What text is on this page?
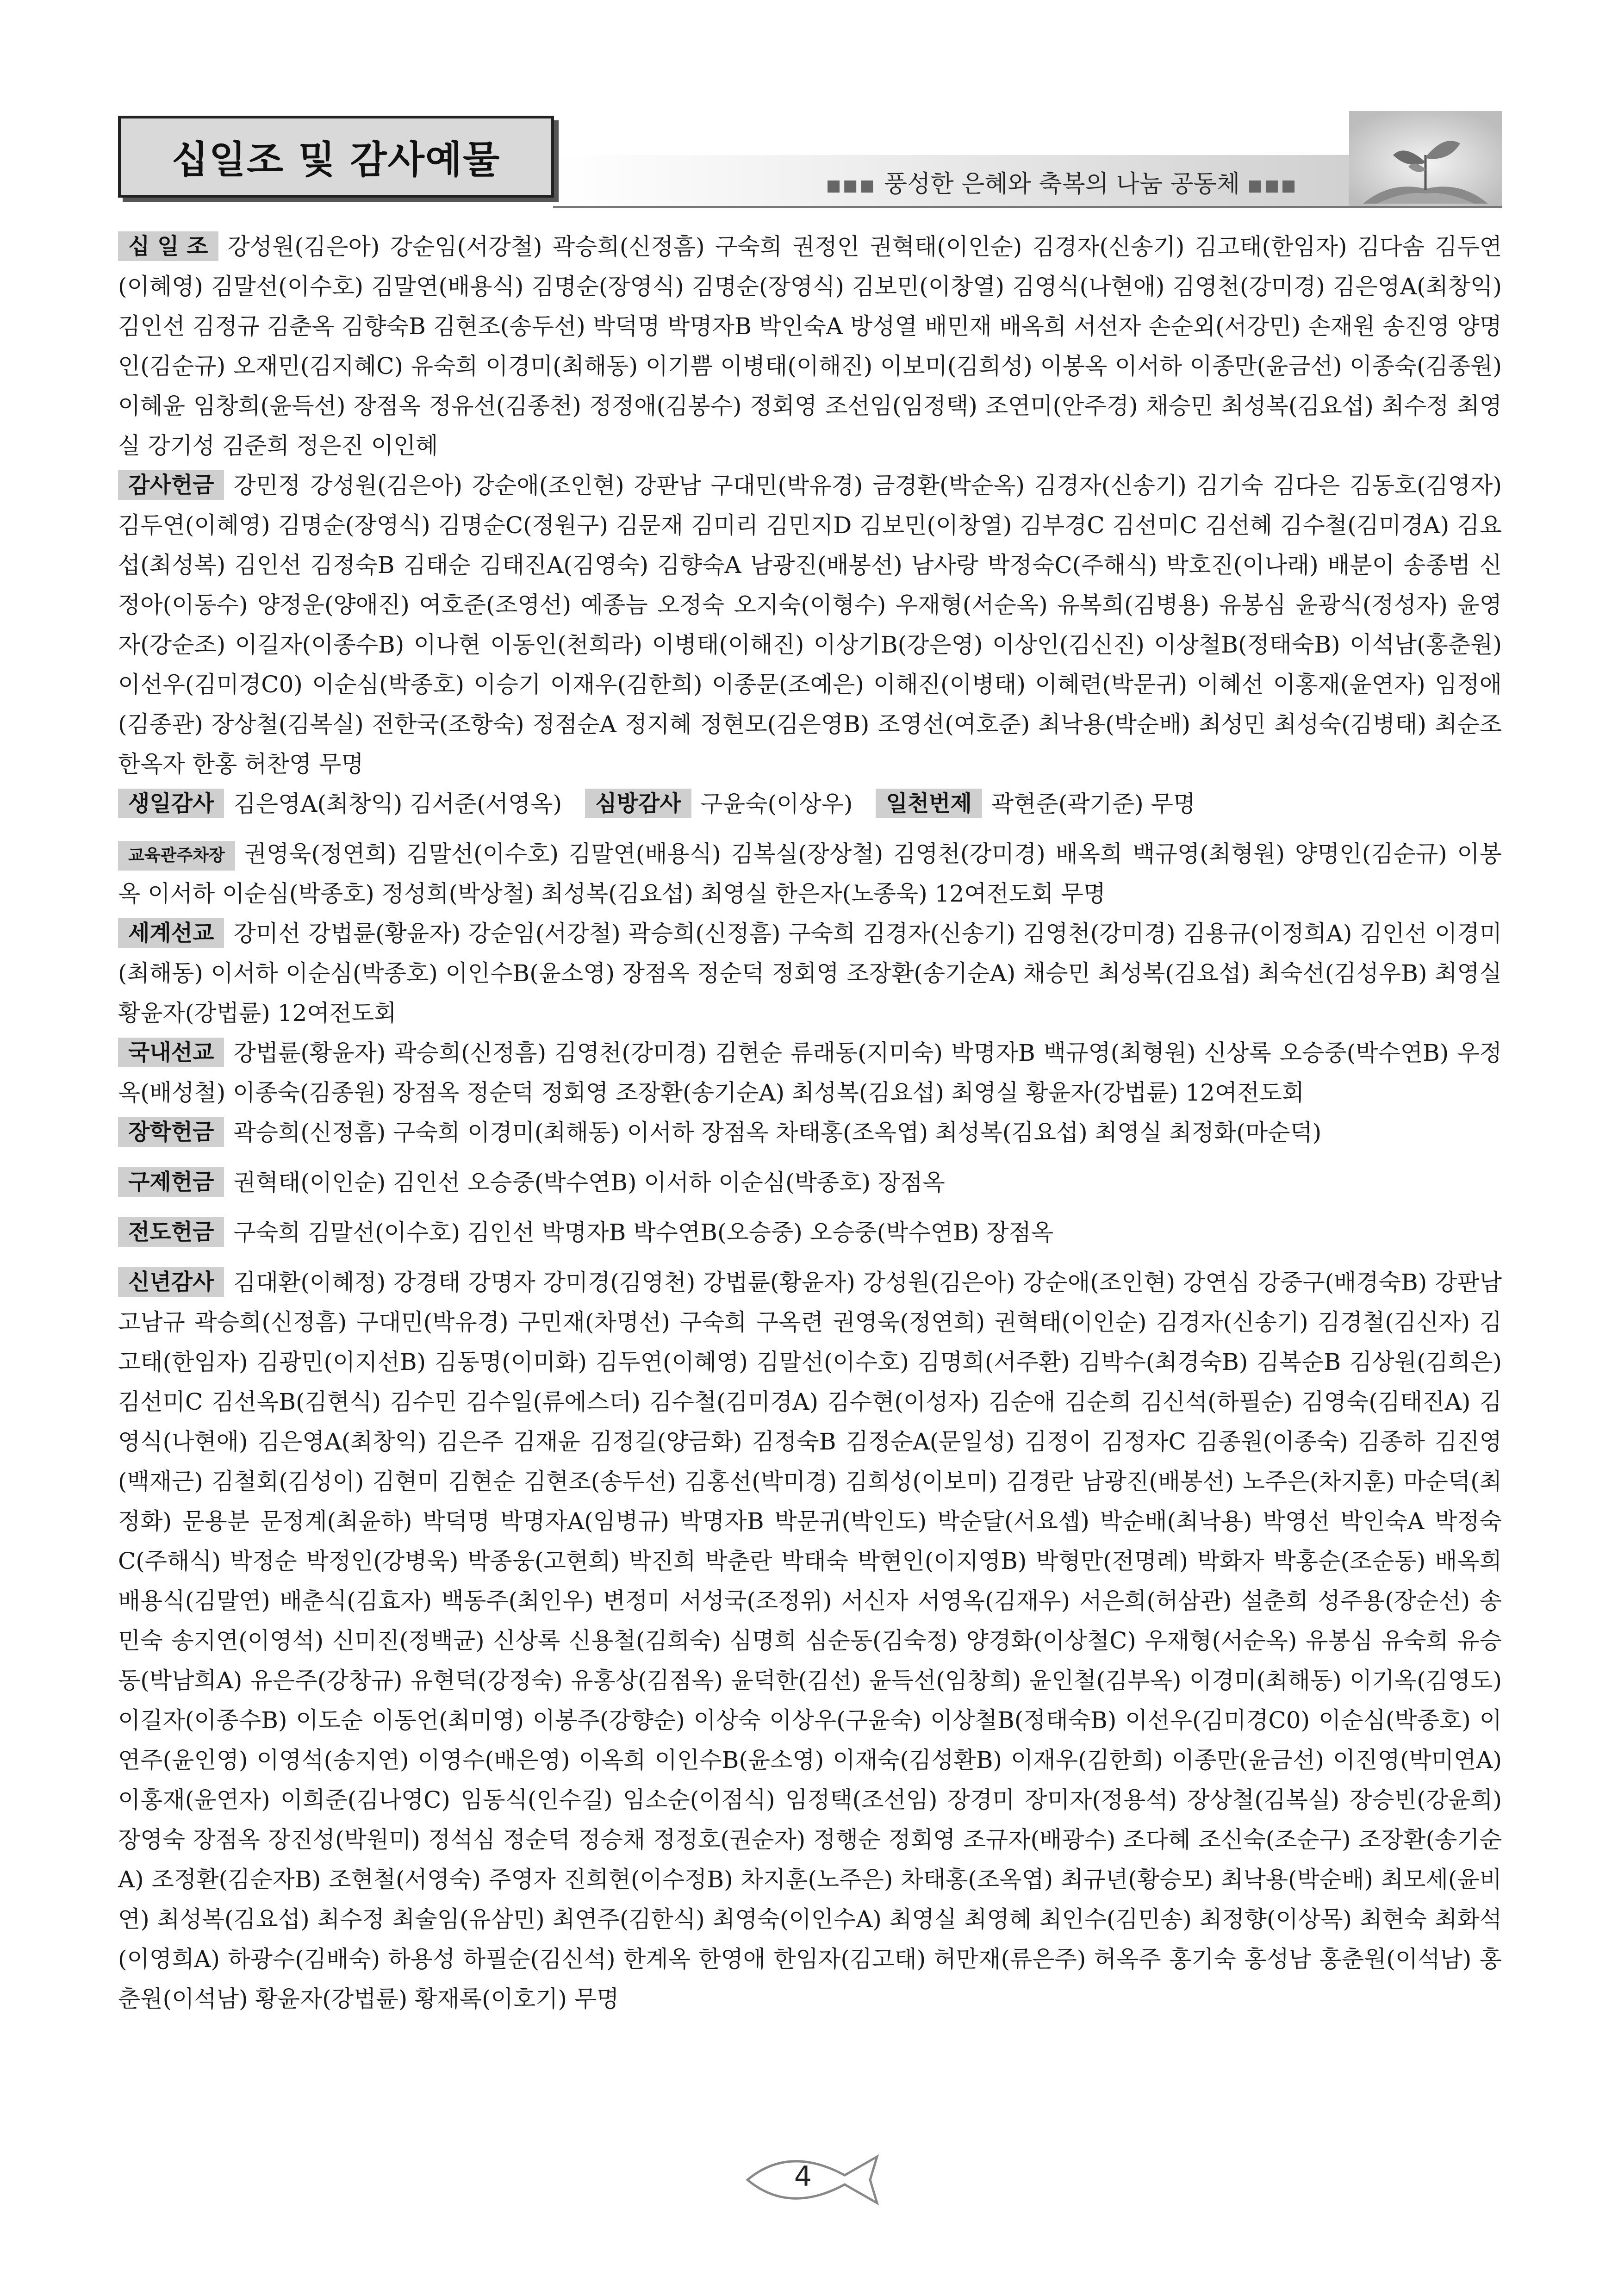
■■■ 풍성한 은혜와 축복의 나눔 공동체 ■■■
십일조 및 감사예물

십 일 조 강성원(김은아) 강순임(서강철) 곽승희(신정흠) 구숙희 권정인 권혁태(이인순) 김경자(신송기) 김고태(한임자) 김다솜 김두연(이혜영) 김말선(이수호) 김말연(배용식) 김명순(장영식) 김명순(장영식) 김보민(이창열) 김영식(나현애) 김영천(강미경) 김은영A(최창익) 김인선 김정규 김춘옥 김향숙B 김현조(송두선) 박덕명 박명자B 박인숙A 방성열 배민재 배옥희 서선자 손순외(서강민) 손재원 송진영 양명인(김순규) 오재민(김지혜C) 유숙희 이경미(최해동) 이기쁨 이병태(이해진) 이보미(김희성) 이봉옥 이서하 이종만(윤금선) 이종숙(김종원) 이혜윤 임창희(윤득선) 장점옥 정유선(김종천) 정정애(김봉수) 정회영 조선임(임정택) 조연미(안주경) 채승민 최성복(김요섭) 최수정 최영실 강기성 김준희 정은진 이인혜

감사헌금 강민정 강성원(김은아) 강순애(조인현) 강판남 구대민(박유경) 금경환(박순옥) 김경자(신송기) 김기숙 김다은 김동호(김영자) 김두연(이혜영) 김명순(장영식) 김명순C(정원구) 김문재 김미리 김민지D 김보민(이창열) 김부경C 김선미C 김선혜 김수철(김미경A) 김요섭(최성복) 김인선 김정숙B 김태순 김태진A(김영숙) 김향숙A 남광진(배봉선) 남사랑 박정숙C(주해식) 박호진(이나래) 배분이 송종범 신정아(이동수) 양정운(양애진) 여호준(조영선) 예종늠 오정숙 오지숙(이형수) 우재형(서순옥) 유복희(김병용) 유봉심 윤광식(정성자) 윤영자(강순조) 이길자(이종수B) 이나현 이동인(천희라) 이병태(이해진) 이상기B(강은영) 이상인(김신진) 이상철B(정태숙B) 이석남(홍춘원) 이선우(김미경C0) 이순심(박종호) 이승기 이재우(김한희) 이종문(조예은) 이해진(이병태) 이혜련(박문귀) 이혜선 이홍재(윤연자) 임정애(김종관) 장상철(김복실) 전한국(조항숙) 정점순A 정지혜 정현모(김은영B) 조영선(여호준) 최낙용(박순배) 최성민 최성숙(김병태) 최순조 한옥자 한홍 허찬영 무명

생일감사 김은영A(최창익) 김서준(서영옥) 심방감사 구윤숙(이상우) 일천번제 곽현준(곽기준) 무명

교육관주차장 권영욱(정연희) 김말선(이수호) 김말연(배용식) 김복실(장상철) 김영천(강미경) 배옥희 백규영(최형원) 양명인(김순규) 이봉옥 이서하 이순심(박종호) 정성희(박상철) 최성복(김요섭) 최영실 한은자(노종욱) 12여전도회 무명

세계선교 강미선 강법륜(황윤자) 강순임(서강철) 곽승희(신정흠) 구숙희 김경자(신송기) 김영천(강미경) 김용규(이정희A) 김인선 이경미(최해동) 이서하 이순심(박종호) 이인수B(윤소영) 장점옥 정순덕 정회영 조장환(송기순A) 채승민 최성복(김요섭) 최숙선(김성우B) 최영실 황윤자(강법륜) 12여전도회

국내선교 강법륜(황윤자) 곽승희(신정흠) 김영천(강미경) 김현순 류래동(지미숙) 박명자B 백규영(최형원) 신상록 오승중(박수연B) 우정옥(배성철) 이종숙(김종원) 장점옥 정순덕 정회영 조장환(송기순A) 최성복(김요섭) 최영실 황윤자(강법륜) 12여전도회

장학헌금 곽승희(신정흠) 구숙희 이경미(최해동) 이서하 장점옥 차태홍(조옥엽) 최성복(김요섭) 최영실 최정화(마순덕)

구제헌금 권혁태(이인순) 김인선 오승중(박수연B) 이서하 이순심(박종호) 장점옥

전도헌금 구숙희 김말선(이수호) 김인선 박명자B 박수연B(오승중) 오승중(박수연B) 장점옥

신년감사 김대환(이혜정) 강경태 강명자 강미경(김영천) 강법륜(황윤자) 강성원(김은아) 강순애(조인현) 강연심 강중구(배경숙B) 강판남 고남규 곽승희(신정흠) 구대민(박유경) 구민재(차명선) 구숙희 구옥련 권영욱(정연희) 권혁태(이인순) 김경자(신송기) 김경철(김신자) 김고태(한임자) 김광민(이지선B) 김동명(이미화) 김두연(이혜영) 김말선(이수호) 김명희(서주환) 김박수(최경숙B) 김복순B 김상원(김희은) 김선미C 김선옥B(김현식) 김수민 김수일(류에스더) 김수철(김미경A) 김수현(이성자) 김순애 김순희 김신석(하필순) 김영숙(김태진A) 김영식(나현애) 김은영A(최창익) 김은주 김재윤 김정길(양금화) 김정숙B 김정순A(문일성) 김정이 김정자C 김종원(이종숙) 김종하 김진영(백재근) 김철회(김성이) 김현미 김현순 김현조(송두선) 김홍선(박미경) 김희성(이보미) 김경란 남광진(배봉선) 노주은(차지훈) 마순덕(최정화) 문용분 문정계(최윤하) 박덕명 박명자A(임병규) 박명자B 박문귀(박인도) 박순달(서요셉) 박순배(최낙용) 박영선 박인숙A 박정숙C(주해식) 박정순 박정인(강병욱) 박종웅(고현희) 박진희 박춘란 박태숙 박현인(이지영B) 박형만(전명례) 박화자 박홍순(조순동) 배옥희 배용식(김말연) 배춘식(김효자) 백동주(최인우) 변정미 서성국(조정위) 서신자 서영옥(김재우) 서은희(허삼관) 설춘희 성주용(장순선) 송민숙 송지연(이영석) 신미진(정백균) 신상록 신용철(김희숙) 심명희 심순동(김숙정) 양경화(이상철C) 우재형(서순옥) 유봉심 유숙희 유승동(박남희A) 유은주(강창규) 유현덕(강정숙) 유홍상(김점옥) 윤덕한(김선) 윤득선(임창희) 윤인철(김부옥) 이경미(최해동) 이기옥(김영도) 이길자(이종수B) 이도순 이동언(최미영) 이봉주(강향순) 이상숙 이상우(구윤숙) 이상철B(정태숙B) 이선우(김미경C0) 이순심(박종호) 이연주(윤인영) 이영석(송지연) 이영수(배은영) 이옥희 이인수B(윤소영) 이재숙(김성환B) 이재우(김한희) 이종만(윤금선) 이진영(박미연A) 이홍재(윤연자) 이희준(김나영C) 임동식(인수길) 임소순(이점식) 임정택(조선임) 장경미 장미자(정용석) 장상철(김복실) 장승빈(강윤희) 장영숙 장점옥 장진성(박원미) 정석심 정순덕 정승채 정정호(권순자) 정행순 정회영 조규자(배광수) 조다혜 조신숙(조순구) 조장환(송기순A) 조정환(김순자B) 조현철(서영숙) 주영자 진희현(이수정B) 차지훈(노주은) 차태홍(조옥엽) 최규년(황승모) 최낙용(박순배) 최모세(윤비연) 최성복(김요섭) 최수정 최술임(유삼민) 최연주(김한식) 최영숙(이인수A) 최영실 최영혜 최인수(김민송) 최정향(이상목) 최현숙 최화석(이영희A) 하광수(김배숙) 하용성 하필순(김신석) 한계옥 한영애 한임자(김고태) 허만재(류은주) 허옥주 홍기숙 홍성남 홍춘원(이석남) 홍춘원(이석남) 황윤자(강법륜) 황재록(이호기) 무명

4
